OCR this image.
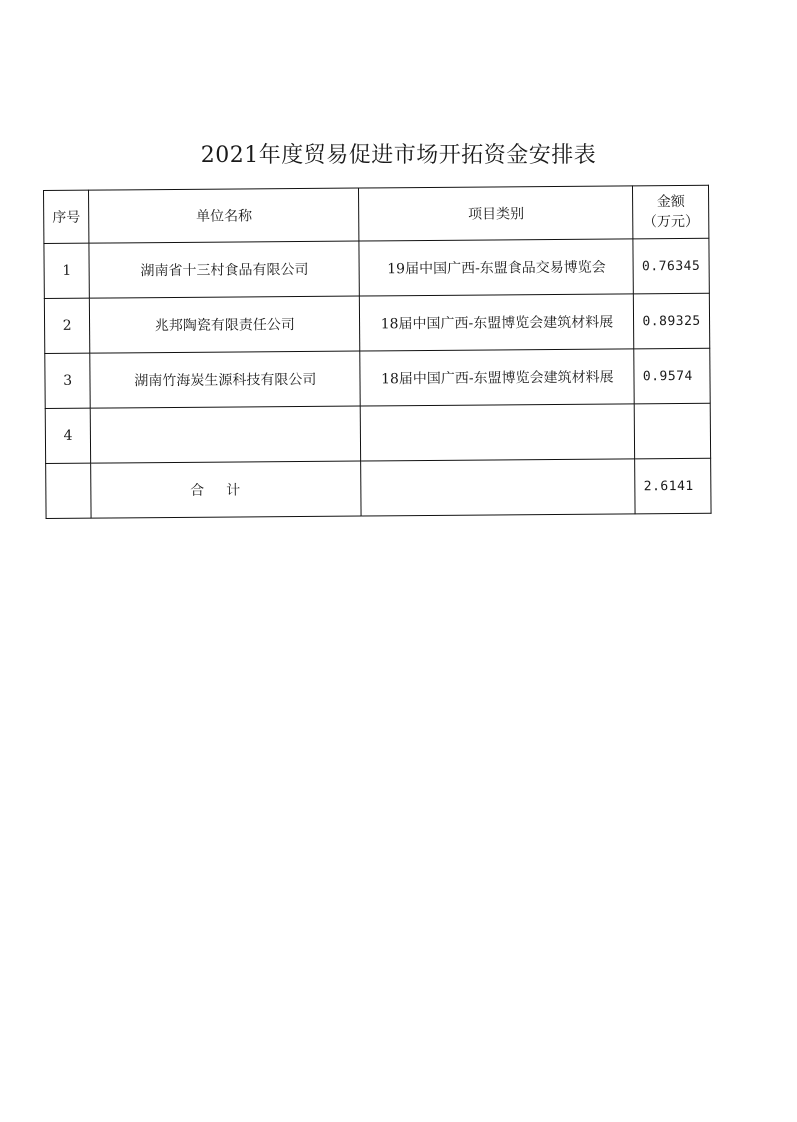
2021年度贸易促进市场开拓资金安排表
序号	单位名称	项目类别	金额
（万元）

1	湖南省十三村食品有限公司	19届中国广西-东盟食品交易博览会	0.76345
2	兆邦陶瓷有限责任公司	18届中国广西-东盟博览会建筑材料展	0.89325
3	湖南竹海炭生源科技有限公司	18届中国广西-东盟博览会建筑材料展	0.9574
4			
	合计		2.6141
